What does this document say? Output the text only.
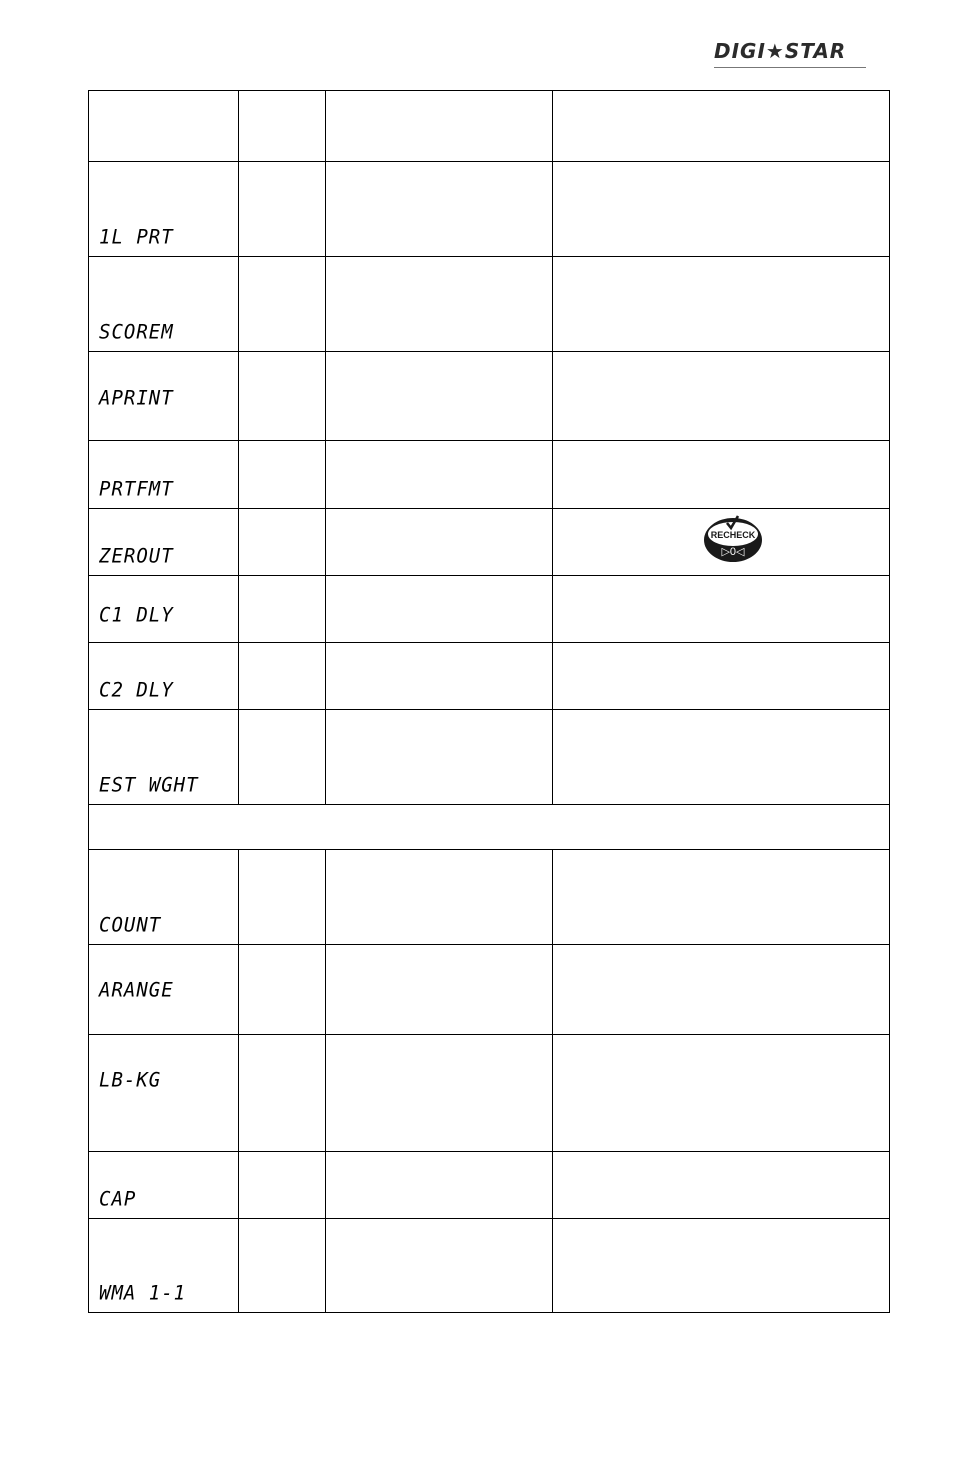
DIGI★STAR

1L PRT			
SCOREM			
APRINT			
PRTFMT			
ZEROUT			RECHECK
▷0◁

C1 DLY			
C2 DLY			
EST WGHT			

COUNT			
ARANGE			
LB-KG			
CAP			
WMA 1-1			
